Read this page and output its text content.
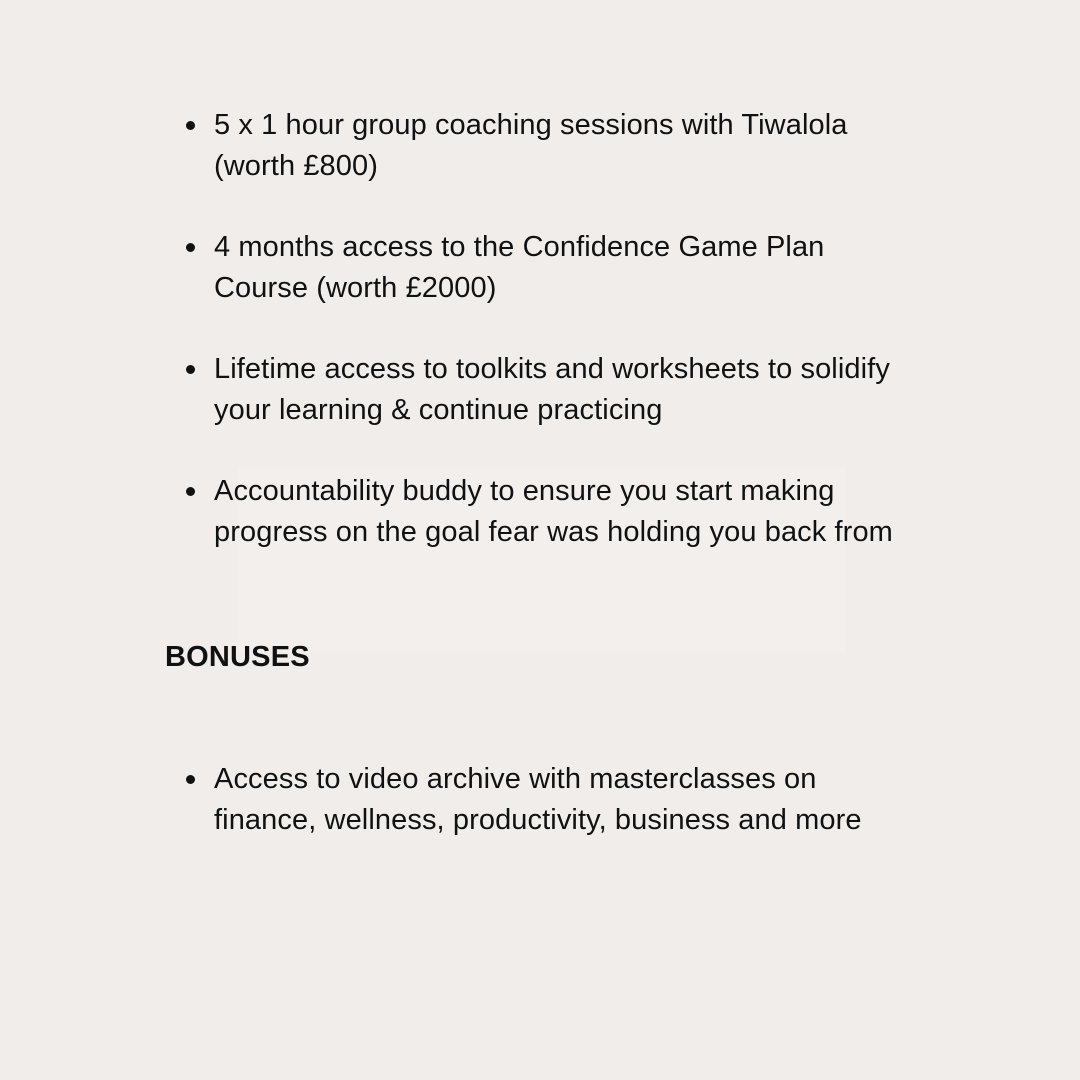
5 x 1 hour group coaching sessions with Tiwalola (worth £800)
4 months access to the Confidence Game Plan Course (worth £2000)
Lifetime access to toolkits and worksheets to solidify your learning & continue practicing
Accountability buddy to ensure you start making progress on the goal fear was holding you back from
BONUSES
Access to video archive with masterclasses on finance, wellness, productivity, business and more
